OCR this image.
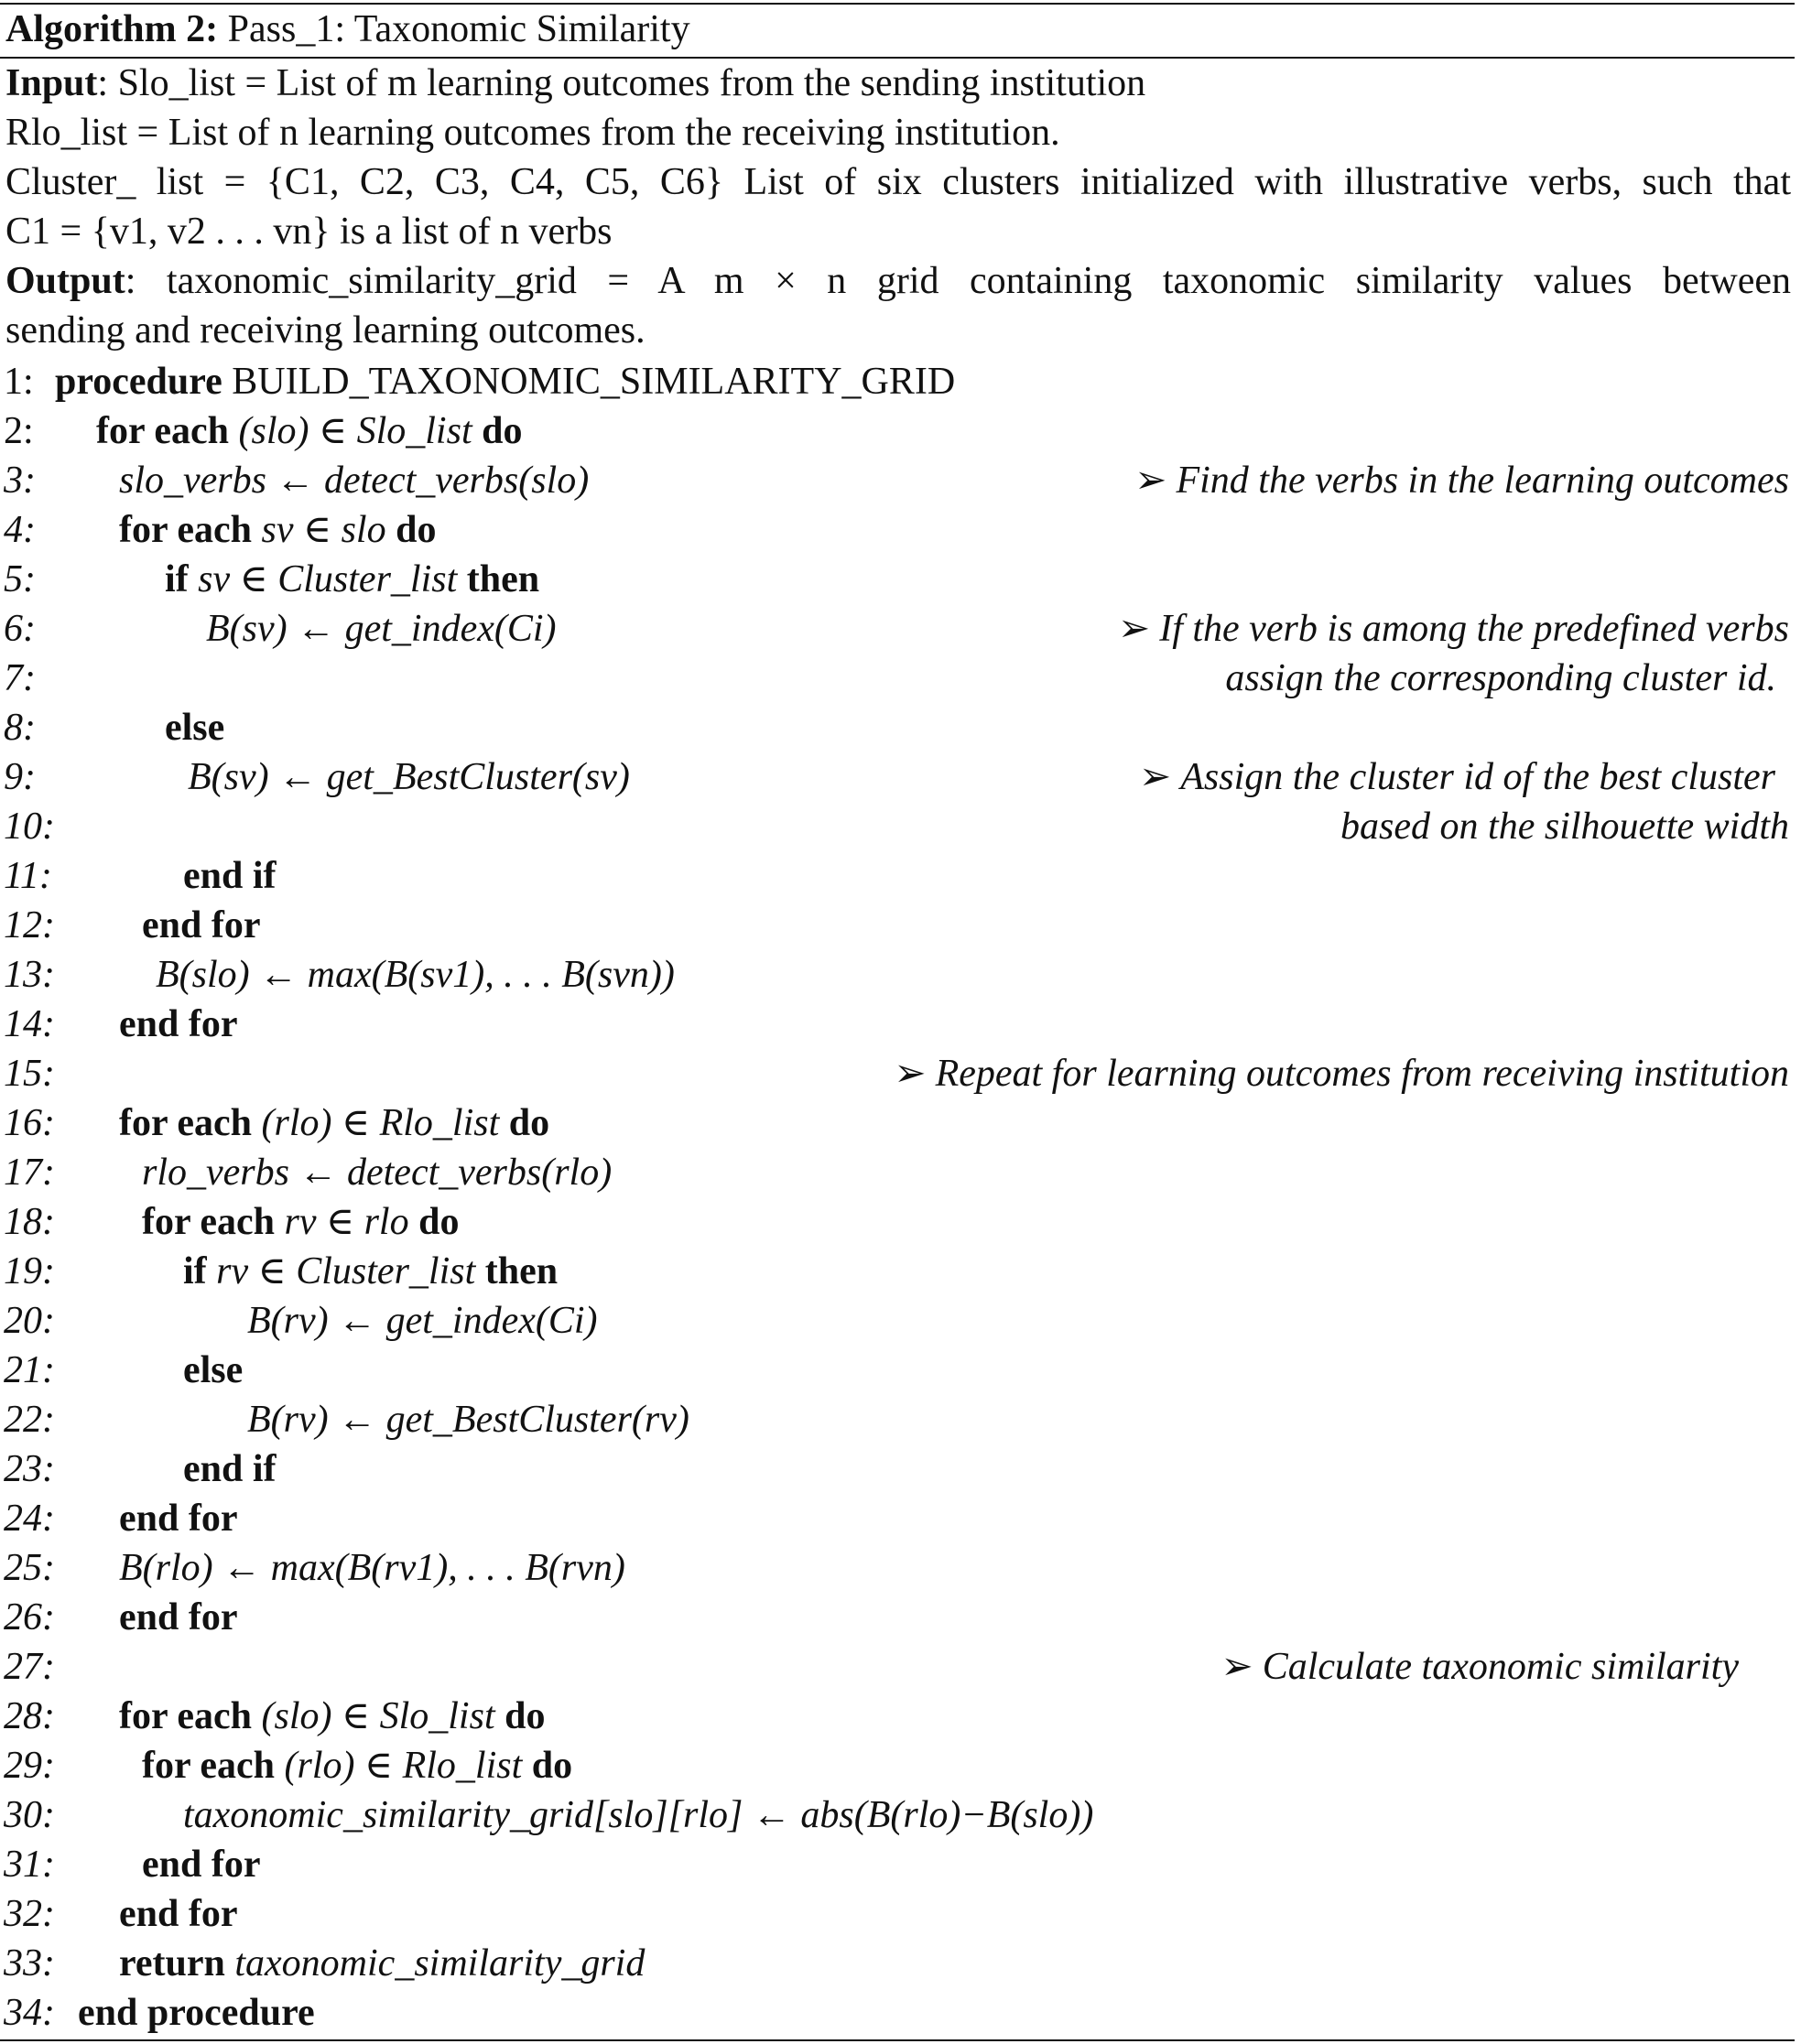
Algorithm 2: Pass_1: Taxonomic Similarity
Input: Slo_list = List of m learning outcomes from the sending institution
Rlo_list = List of n learning outcomes from the receiving institution.
Cluster_ list = {C1, C2, C3, C4, C5, C6} List of six clusters initialized with illustrative verbs, such that
C1 = {v1, v2 . . . vn} is a list of n verbs
Output: taxonomic_similarity_grid = A m × n grid containing taxonomic similarity values between
sending and receiving learning outcomes.
1: procedure BUILD_TAXONOMIC_SIMILARITY_GRID
2: for each (slo) ∈ Slo_list do
3: slo_verbs ← detect_verbs(slo)	➢ Find the verbs in the learning outcomes
4: for each sv ∈ slo do
5:	if sv ∈ Cluster_list then
6:	B(sv) ← get_index(Ci)	➢ If the verb is among the predefined verbs
7:	assign the corresponding cluster id.
8:	else
9:	B(sv) ← get_BestCluster(sv)	➢ Assign the cluster id of the best cluster
10:	based on the silhouette width
11:	end if
12: end for
13:	B(slo) ← max(B(sv1), . . . B(svn))
14: end for
15:	➢ Repeat for learning outcomes from receiving institution
16: for each (rlo) ∈ Rlo_list do
17: rlo_verbs ← detect_verbs(rlo)
18: for each rv ∈ rlo do
19:	if rv ∈ Cluster_list then
20:	B(rv) ← get_index(Ci)
21:	else
22:	B(rv) ← get_BestCluster(rv)
23:	end if
24: end for
25: B(rlo) ← max(B(rv1), . . . B(rvn)
26: end for
27:	➢ Calculate taxonomic similarity
28: for each (slo) ∈ Slo_list do
29: for each (rlo) ∈ Rlo_list do
30:	taxonomic_similarity_grid[slo][rlo] ← abs(B(rlo)−B(slo))
31: end for
32: end for
33: return taxonomic_similarity_grid
34: end procedure
